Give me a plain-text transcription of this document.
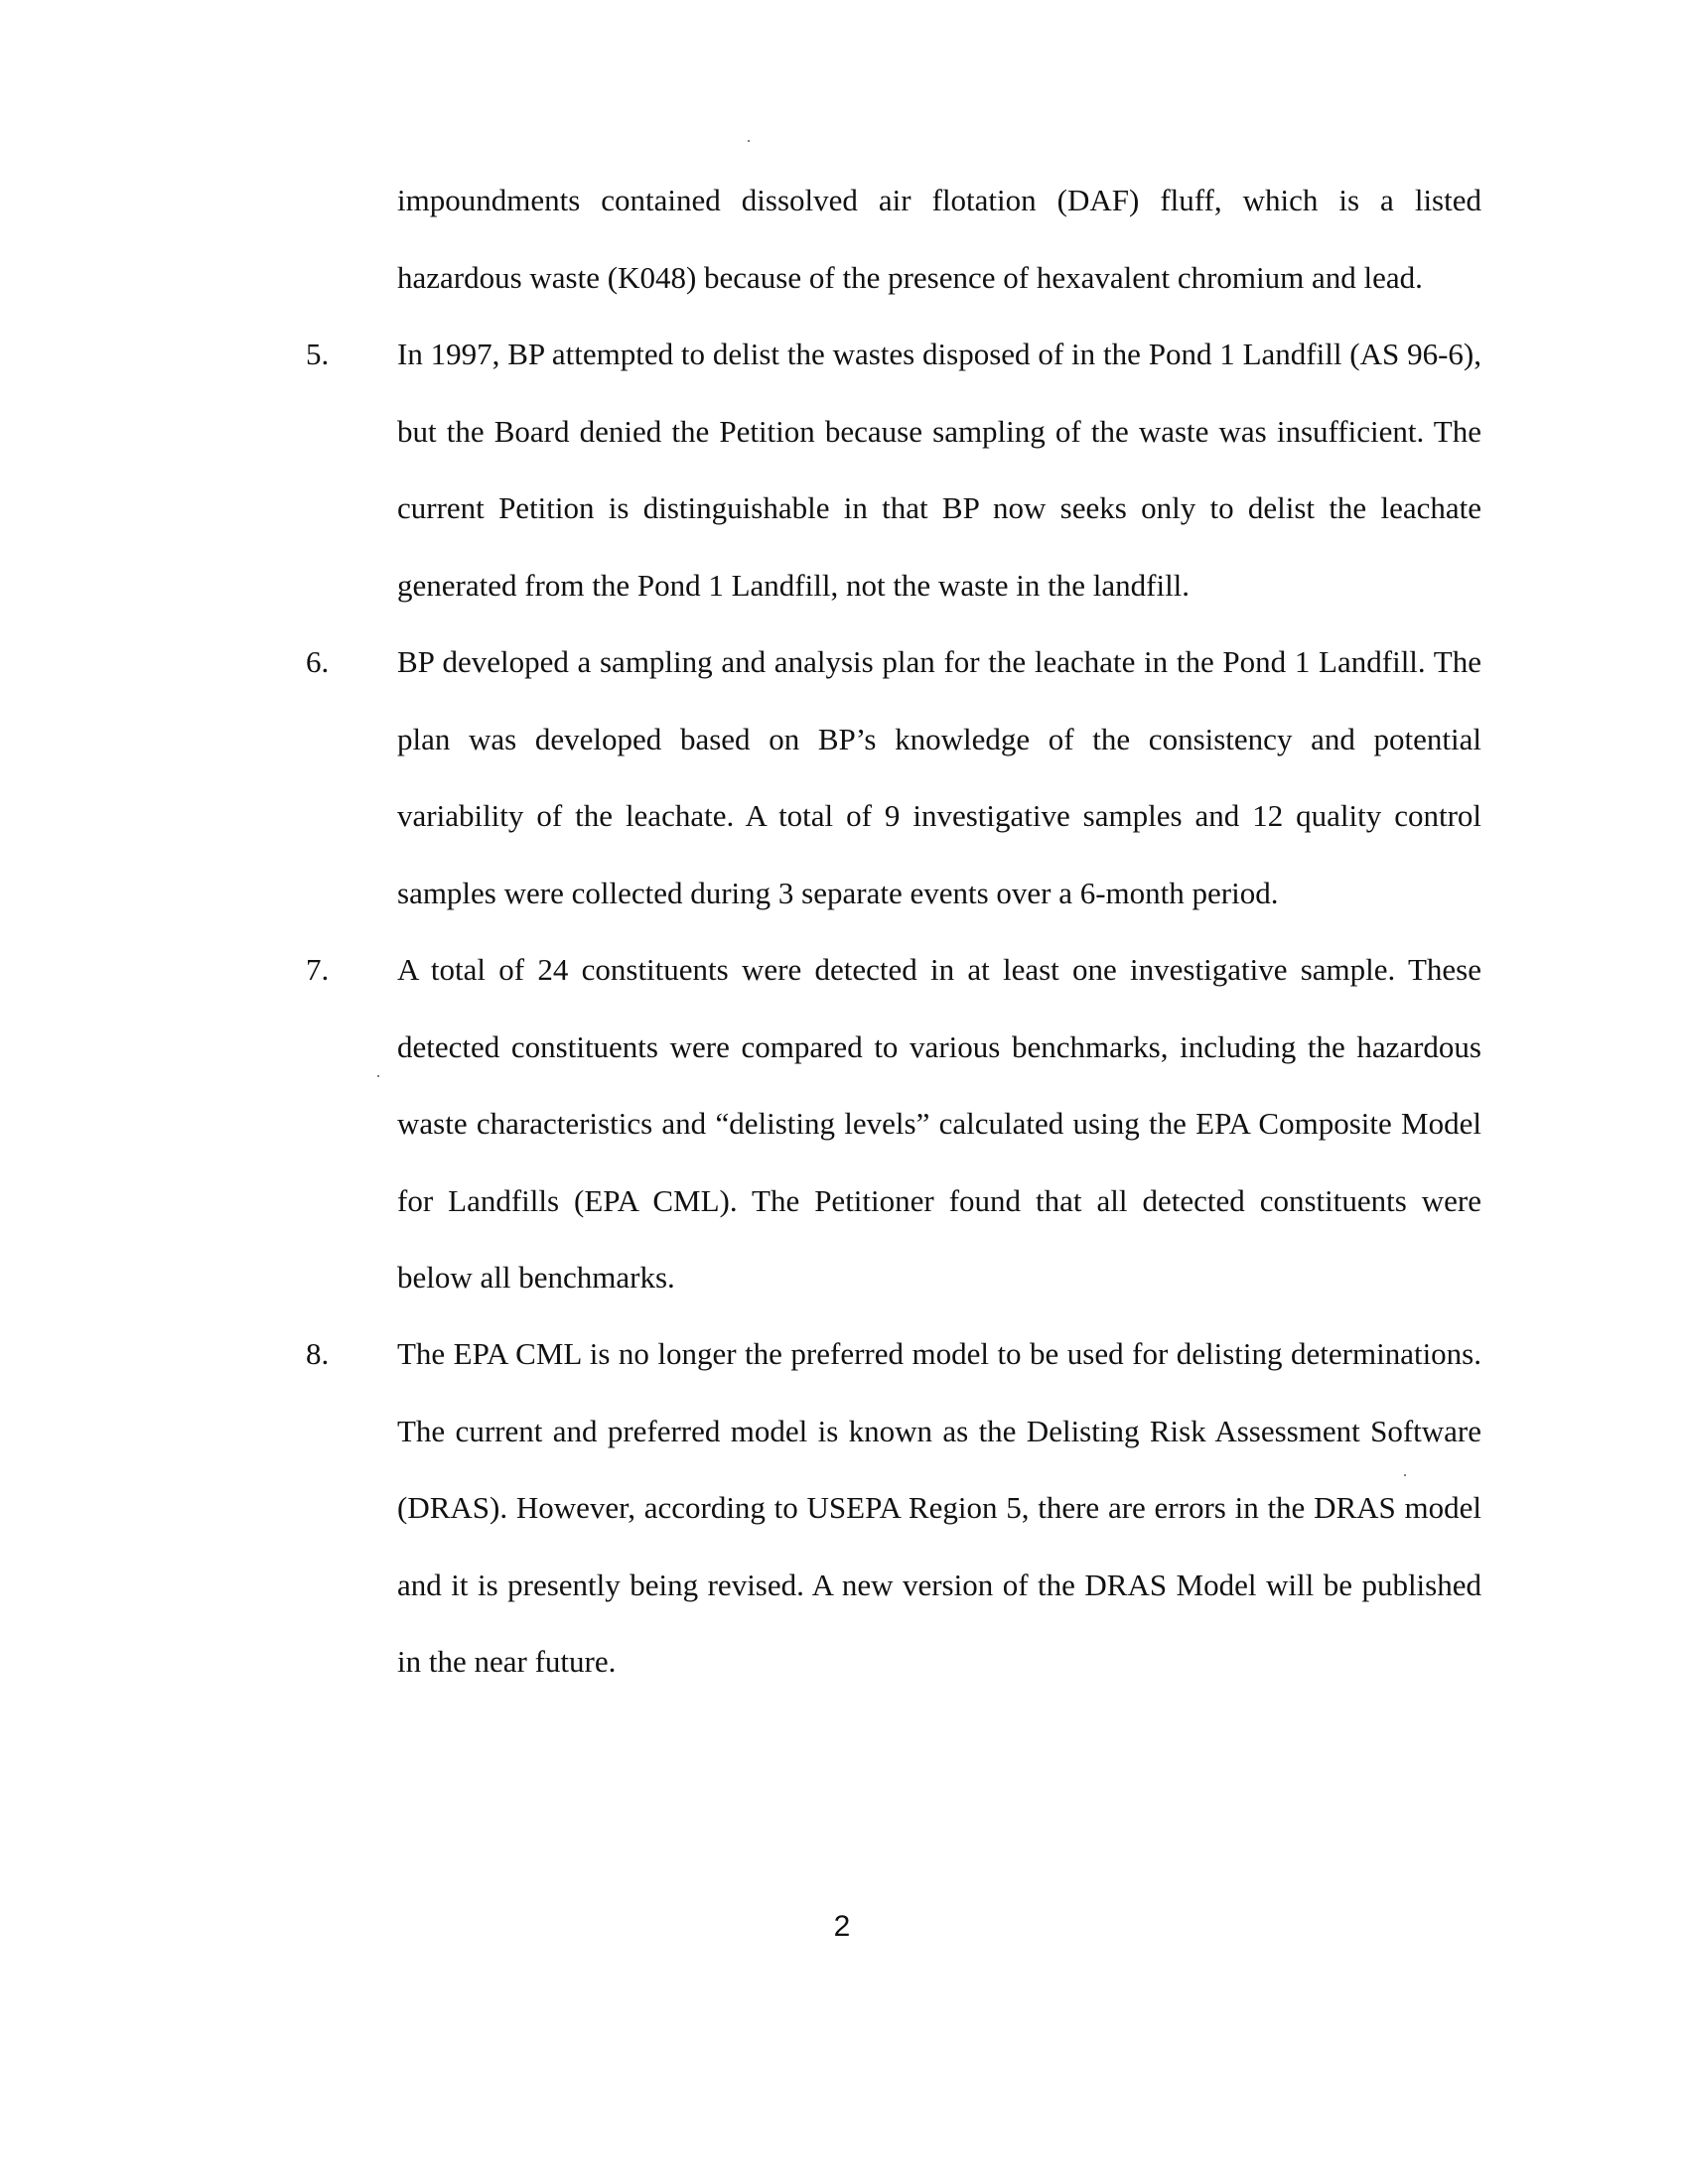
impoundments contained dissolved air flotation (DAF) fluff, which is a listed hazardous waste (K048) because of the presence of hexavalent chromium and lead.
5. In 1997, BP attempted to delist the wastes disposed of in the Pond 1 Landfill (AS 96-6), but the Board denied the Petition because sampling of the waste was insufficient. The current Petition is distinguishable in that BP now seeks only to delist the leachate generated from the Pond 1 Landfill, not the waste in the landfill.
6. BP developed a sampling and analysis plan for the leachate in the Pond 1 Landfill. The plan was developed based on BP’s knowledge of the consistency and potential variability of the leachate. A total of 9 investigative samples and 12 quality control samples were collected during 3 separate events over a 6-month period.
7. A total of 24 constituents were detected in at least one investigative sample. These detected constituents were compared to various benchmarks, including the hazardous waste characteristics and “delisting levels” calculated using the EPA Composite Model for Landfills (EPA CML). The Petitioner found that all detected constituents were below all benchmarks.
8. The EPA CML is no longer the preferred model to be used for delisting determinations. The current and preferred model is known as the Delisting Risk Assessment Software (DRAS). However, according to USEPA Region 5, there are errors in the DRAS model and it is presently being revised. A new version of the DRAS Model will be published in the near future.
2
